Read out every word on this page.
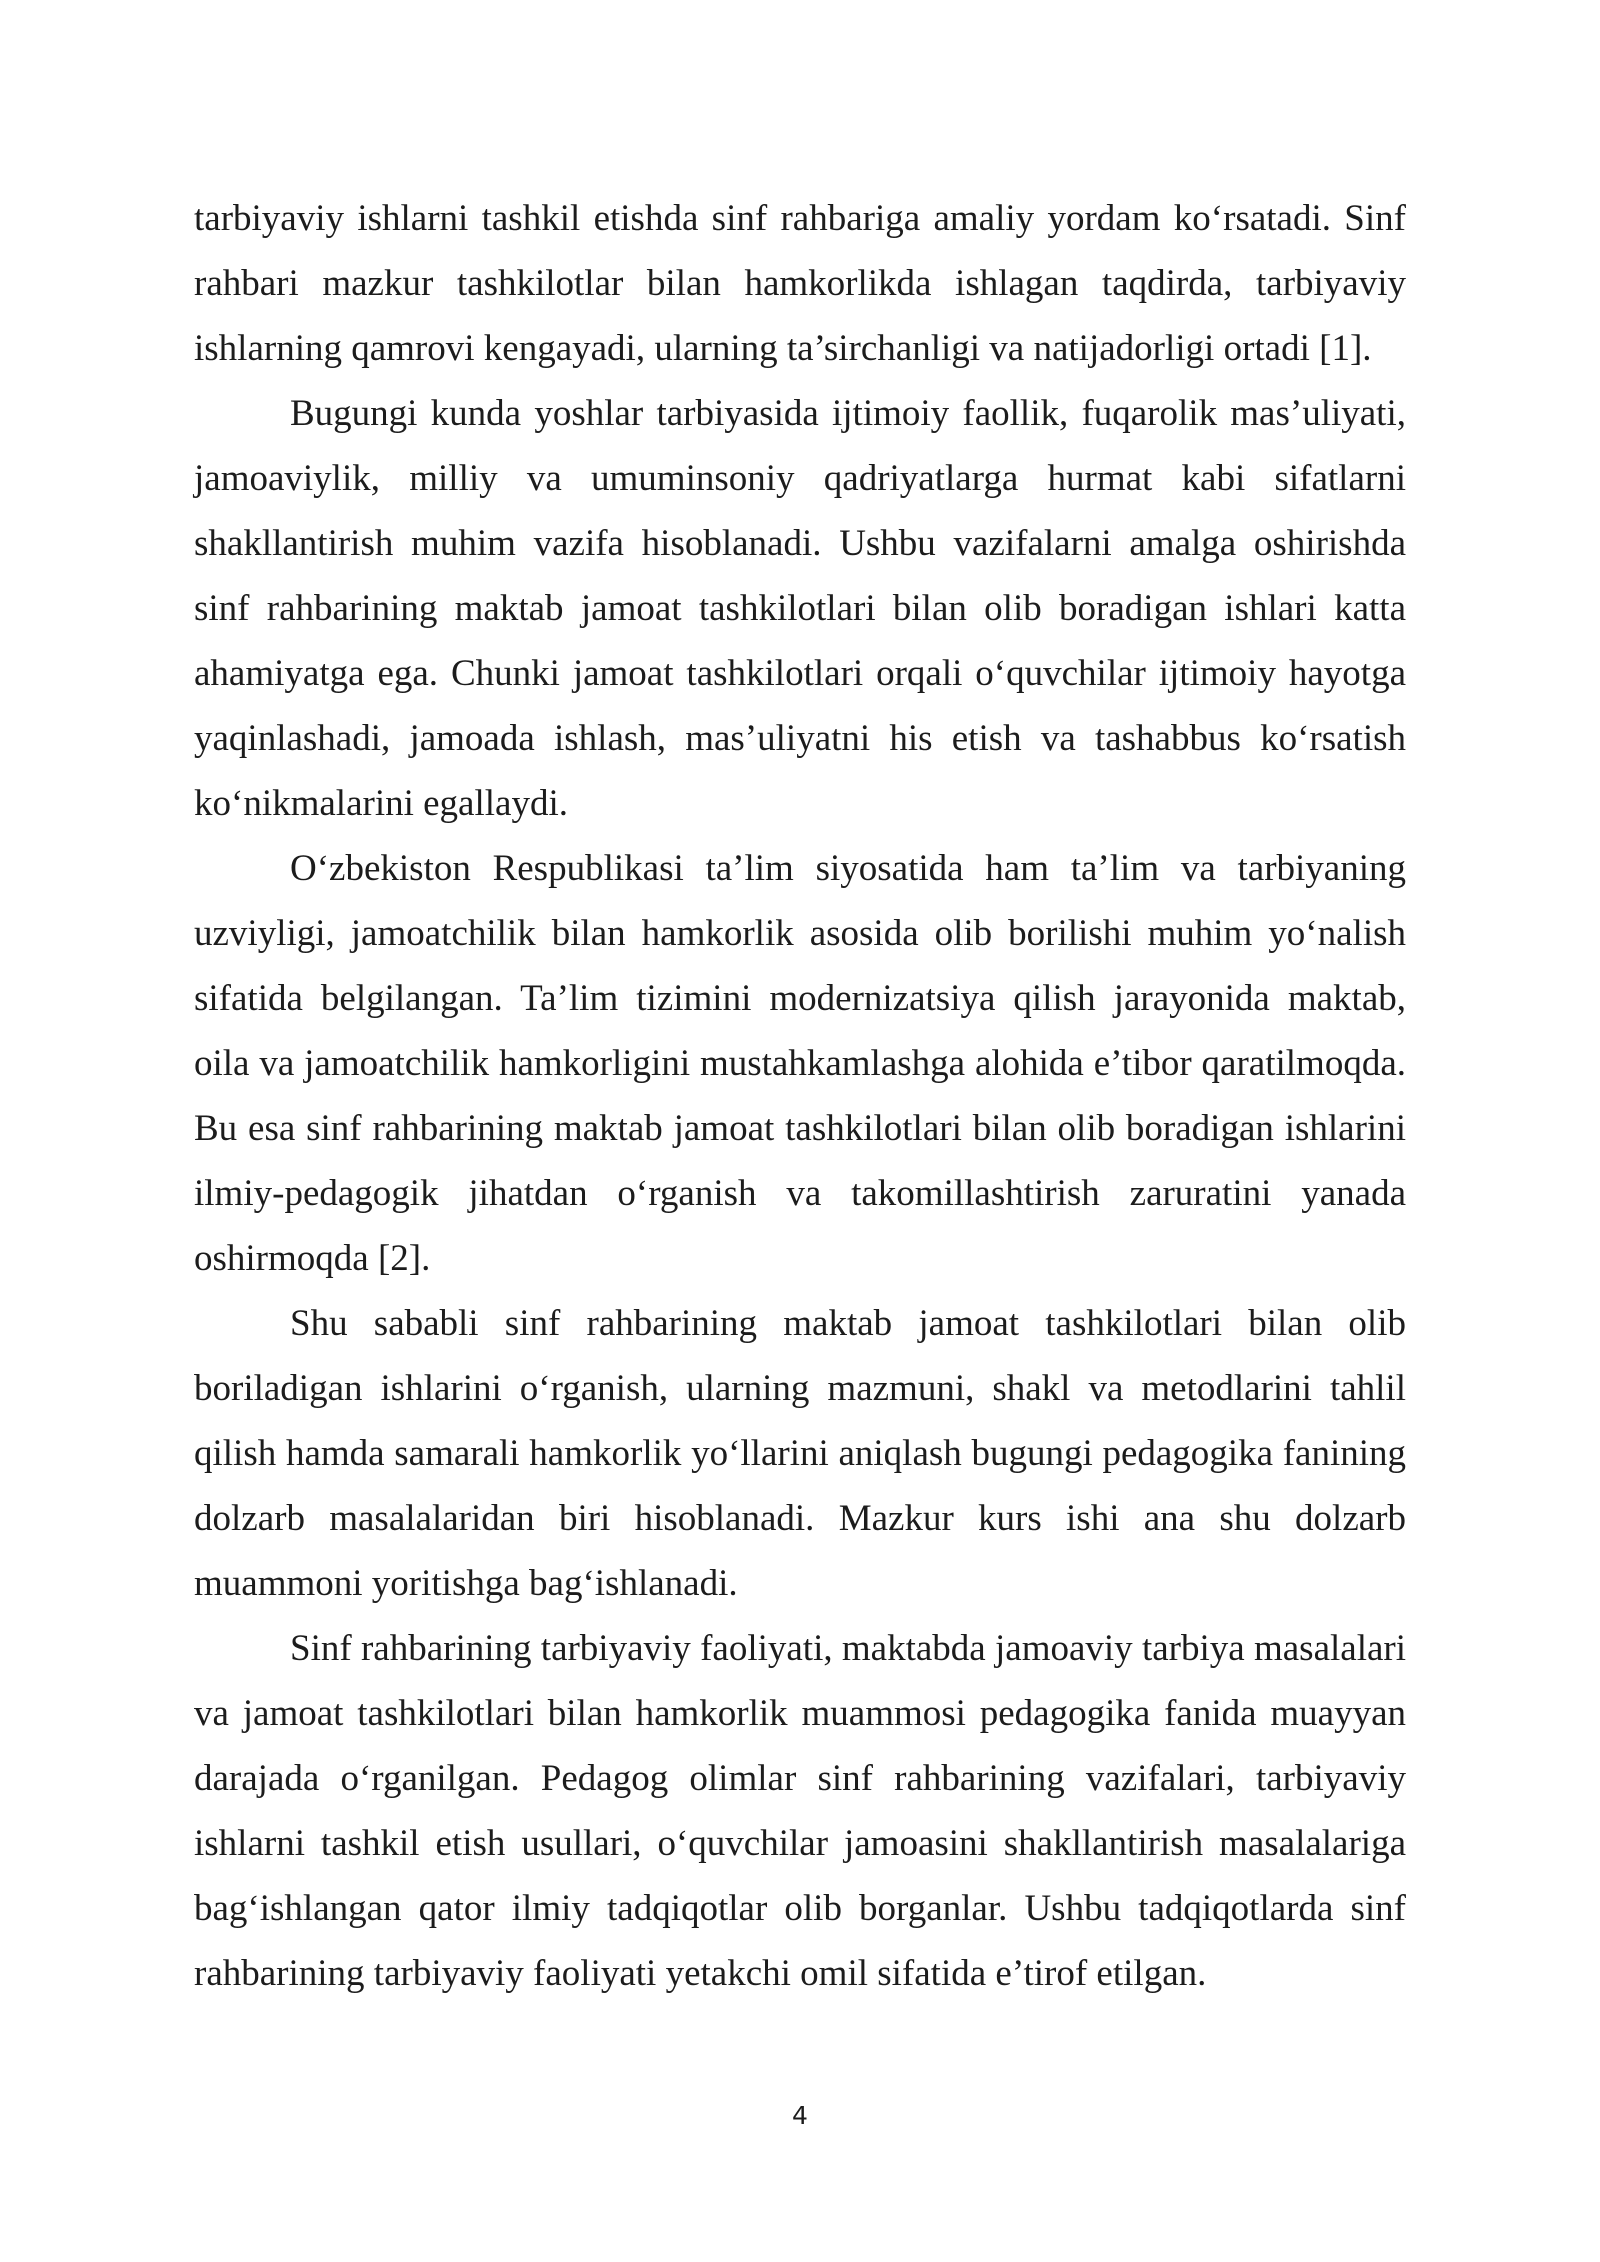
tarbiyaviy ishlarni tashkil etishda sinf rahbariga amaliy yordam ko‘rsatadi. Sinf rahbari mazkur tashkilotlar bilan hamkorlikda ishlagan taqdirda, tarbiyaviy ishlarning qamrovi kengayadi, ularning ta’sirchanligi va natijadorligi ortadi [1].

Bugungi kunda yoshlar tarbiyasida ijtimoiy faollik, fuqarolik mas’uliyati, jamoaviylik, milliy va umuminsoniy qadriyatlarga hurmat kabi sifatlarni shakllantirish muhim vazifa hisoblanadi. Ushbu vazifalarni amalga oshirishda sinf rahbarining maktab jamoat tashkilotlari bilan olib boradigan ishlari katta ahamiyatga ega. Chunki jamoat tashkilotlari orqali o‘quvchilar ijtimoiy hayotga yaqinlashadi, jamoada ishlash, mas’uliyatni his etish va tashabbus ko‘rsatish ko‘nikmalarini egallaydi.

O‘zbekiston Respublikasi ta’lim siyosatida ham ta’lim va tarbiyaning uzviyligi, jamoatchilik bilan hamkorlik asosida olib borilishi muhim yo‘nalish sifatida belgilangan. Ta’lim tizimini modernizatsiya qilish jarayonida maktab, oila va jamoatchilik hamkorligini mustahkamlashga alohida e’tibor qaratilmoqda. Bu esa sinf rahbarining maktab jamoat tashkilotlari bilan olib boradigan ishlarini ilmiy-pedagogik jihatdan o‘rganish va takomillashtirish zaruratini yanada oshirmoqda [2].

Shu sababli sinf rahbarining maktab jamoat tashkilotlari bilan olib boriladigan ishlarini o‘rganish, ularning mazmuni, shakl va metodlarini tahlil qilish hamda samarali hamkorlik yo‘llarini aniqlash bugungi pedagogika fanining dolzarb masalalaridan biri hisoblanadi. Mazkur kurs ishi ana shu dolzarb muammoni yoritishga bag‘ishlanadi.

Sinf rahbarining tarbiyaviy faoliyati, maktabda jamoaviy tarbiya masalalari va jamoat tashkilotlari bilan hamkorlik muammosi pedagogika fanida muayyan darajada o‘rganilgan. Pedagog olimlar sinf rahbarining vazifalari, tarbiyaviy ishlarni tashkil etish usullari, o‘quvchilar jamoasini shakllantirish masalalariga bag‘ishlangan qator ilmiy tadqiqotlar olib borganlar. Ushbu tadqiqotlarda sinf rahbarining tarbiyaviy faoliyati yetakchi omil sifatida e’tirof etilgan.

4
